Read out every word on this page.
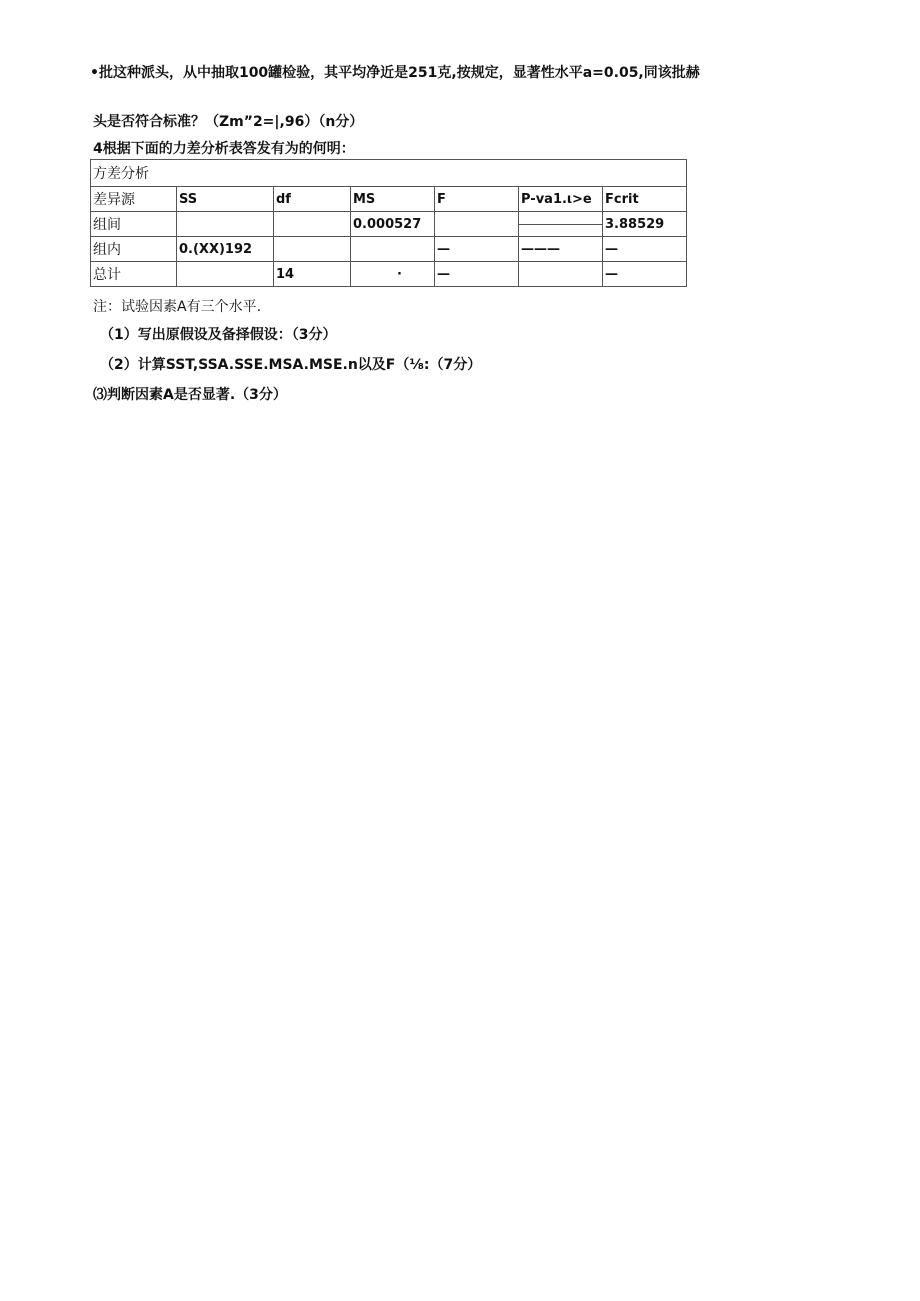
•批这种派头，从中抽取100罐检验，其平均净近是251克,按规定，显著性水平a=0.05,同该批赫
头是否符合标准？（Zm”2=|,96）（n分）
4根据下面的力差分析表答发有为的何明：
方差分析						
差异源	SS	df	MS	F	P-va1.ι>e	Fcrit
组间			0.000527			3.88529
组内	0.(XX)192			—	———	—
总计		14	·	—		—
注：试验因素A有三个水平.
（1）写出原假设及备择假设：（3分）
（2）计算SST,SSA.SSE.MSA.MSE.n以及F（⅛:（7分）
⑶判断因素A是否显著.（3分）
